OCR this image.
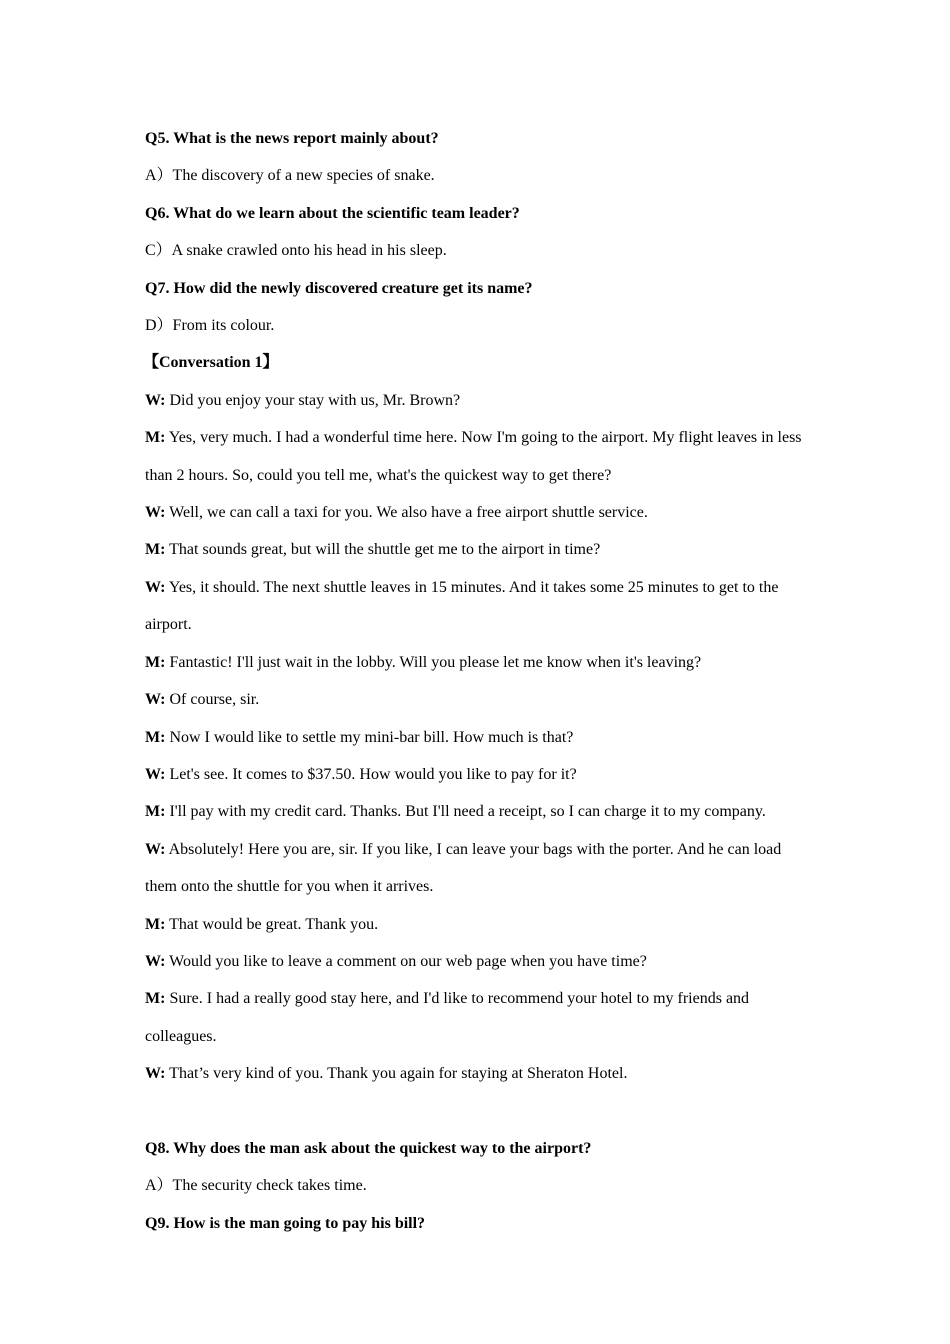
Q5. What is the news report mainly about?
A）The discovery of a new species of snake.
Q6. What do we learn about the scientific team leader?
C）A snake crawled onto his head in his sleep.
Q7. How did the newly discovered creature get its name?
D）From its colour.
【Conversation 1】
W: Did you enjoy your stay with us, Mr. Brown?
M: Yes, very much. I had a wonderful time here. Now I'm going to the airport. My flight leaves in less than 2 hours. So, could you tell me, what's the quickest way to get there?
W: Well, we can call a taxi for you. We also have a free airport shuttle service.
M: That sounds great, but will the shuttle get me to the airport in time?
W: Yes, it should. The next shuttle leaves in 15 minutes. And it takes some 25 minutes to get to the airport.
M: Fantastic! I'll just wait in the lobby. Will you please let me know when it's leaving?
W: Of course, sir.
M: Now I would like to settle my mini-bar bill. How much is that?
W: Let's see. It comes to $37.50. How would you like to pay for it?
M: I'll pay with my credit card. Thanks. But I'll need a receipt, so I can charge it to my company.
W: Absolutely! Here you are, sir. If you like, I can leave your bags with the porter. And he can load them onto the shuttle for you when it arrives.
M: That would be great. Thank you.
W: Would you like to leave a comment on our web page when you have time?
M: Sure. I had a really good stay here, and I'd like to recommend your hotel to my friends and colleagues.
W: That’s very kind of you. Thank you again for staying at Sheraton Hotel.
Q8. Why does the man ask about the quickest way to the airport?
A）The security check takes time.
Q9. How is the man going to pay his bill?
